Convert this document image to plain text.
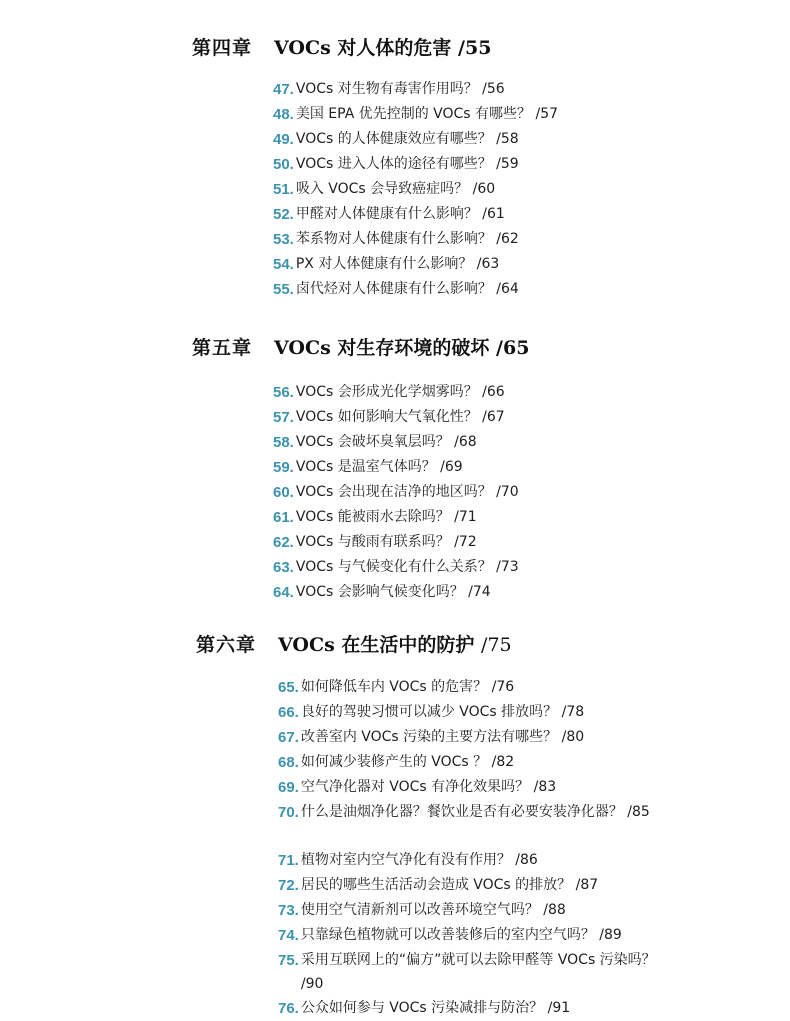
第四章 VOCs 对人体的危害 /55
47. VOCs 对生物有毒害作用吗？ /56
48. 美国 EPA 优先控制的 VOCs 有哪些？ /57
49. VOCs 的人体健康效应有哪些？ /58
50. VOCs 进入人体的途径有哪些？ /59
51. 吸入 VOCs 会导致癌症吗？ /60
52. 甲醛对人体健康有什么影响？ /61
53. 苯系物对人体健康有什么影响？ /62
54. PX 对人体健康有什么影响？ /63
55. 卤代烃对人体健康有什么影响？ /64
第五章 VOCs 对生存环境的破坏 /65
56. VOCs 会形成光化学烟雾吗？ /66
57. VOCs 如何影响大气氧化性？ /67
58. VOCs 会破坏臭氧层吗？ /68
59. VOCs 是温室气体吗？ /69
60. VOCs 会出现在洁净的地区吗？ /70
61. VOCs 能被雨水去除吗？ /71
62. VOCs 与酸雨有联系吗？ /72
63. VOCs 与气候变化有什么关系？ /73
64. VOCs 会影响气候变化吗？ /74
第六章 VOCs 在生活中的防护 /75
65. 如何降低车内 VOCs 的危害？ /76
66. 良好的驾驶习惯可以减少 VOCs 排放吗？ /78
67. 改善室内 VOCs 污染的主要方法有哪些？ /80
68. 如何减少装修产生的 VOCs ？ /82
69. 空气净化器对 VOCs 有净化效果吗？ /83
70. 什么是油烟净化器？餐饮业是否有必要安装净化器？ /85
71. 植物对室内空气净化有没有作用？ /86
72. 居民的哪些生活活动会造成 VOCs 的排放？ /87
73. 使用空气清新剂可以改善环境空气吗？ /88
74. 只靠绿色植物就可以改善装修后的室内空气吗？ /89
75. 采用互联网上的“偏方”就可以去除甲醛等 VOCs 污染吗？ /90
76. 公众如何参与 VOCs 污染减排与防治？ /91
